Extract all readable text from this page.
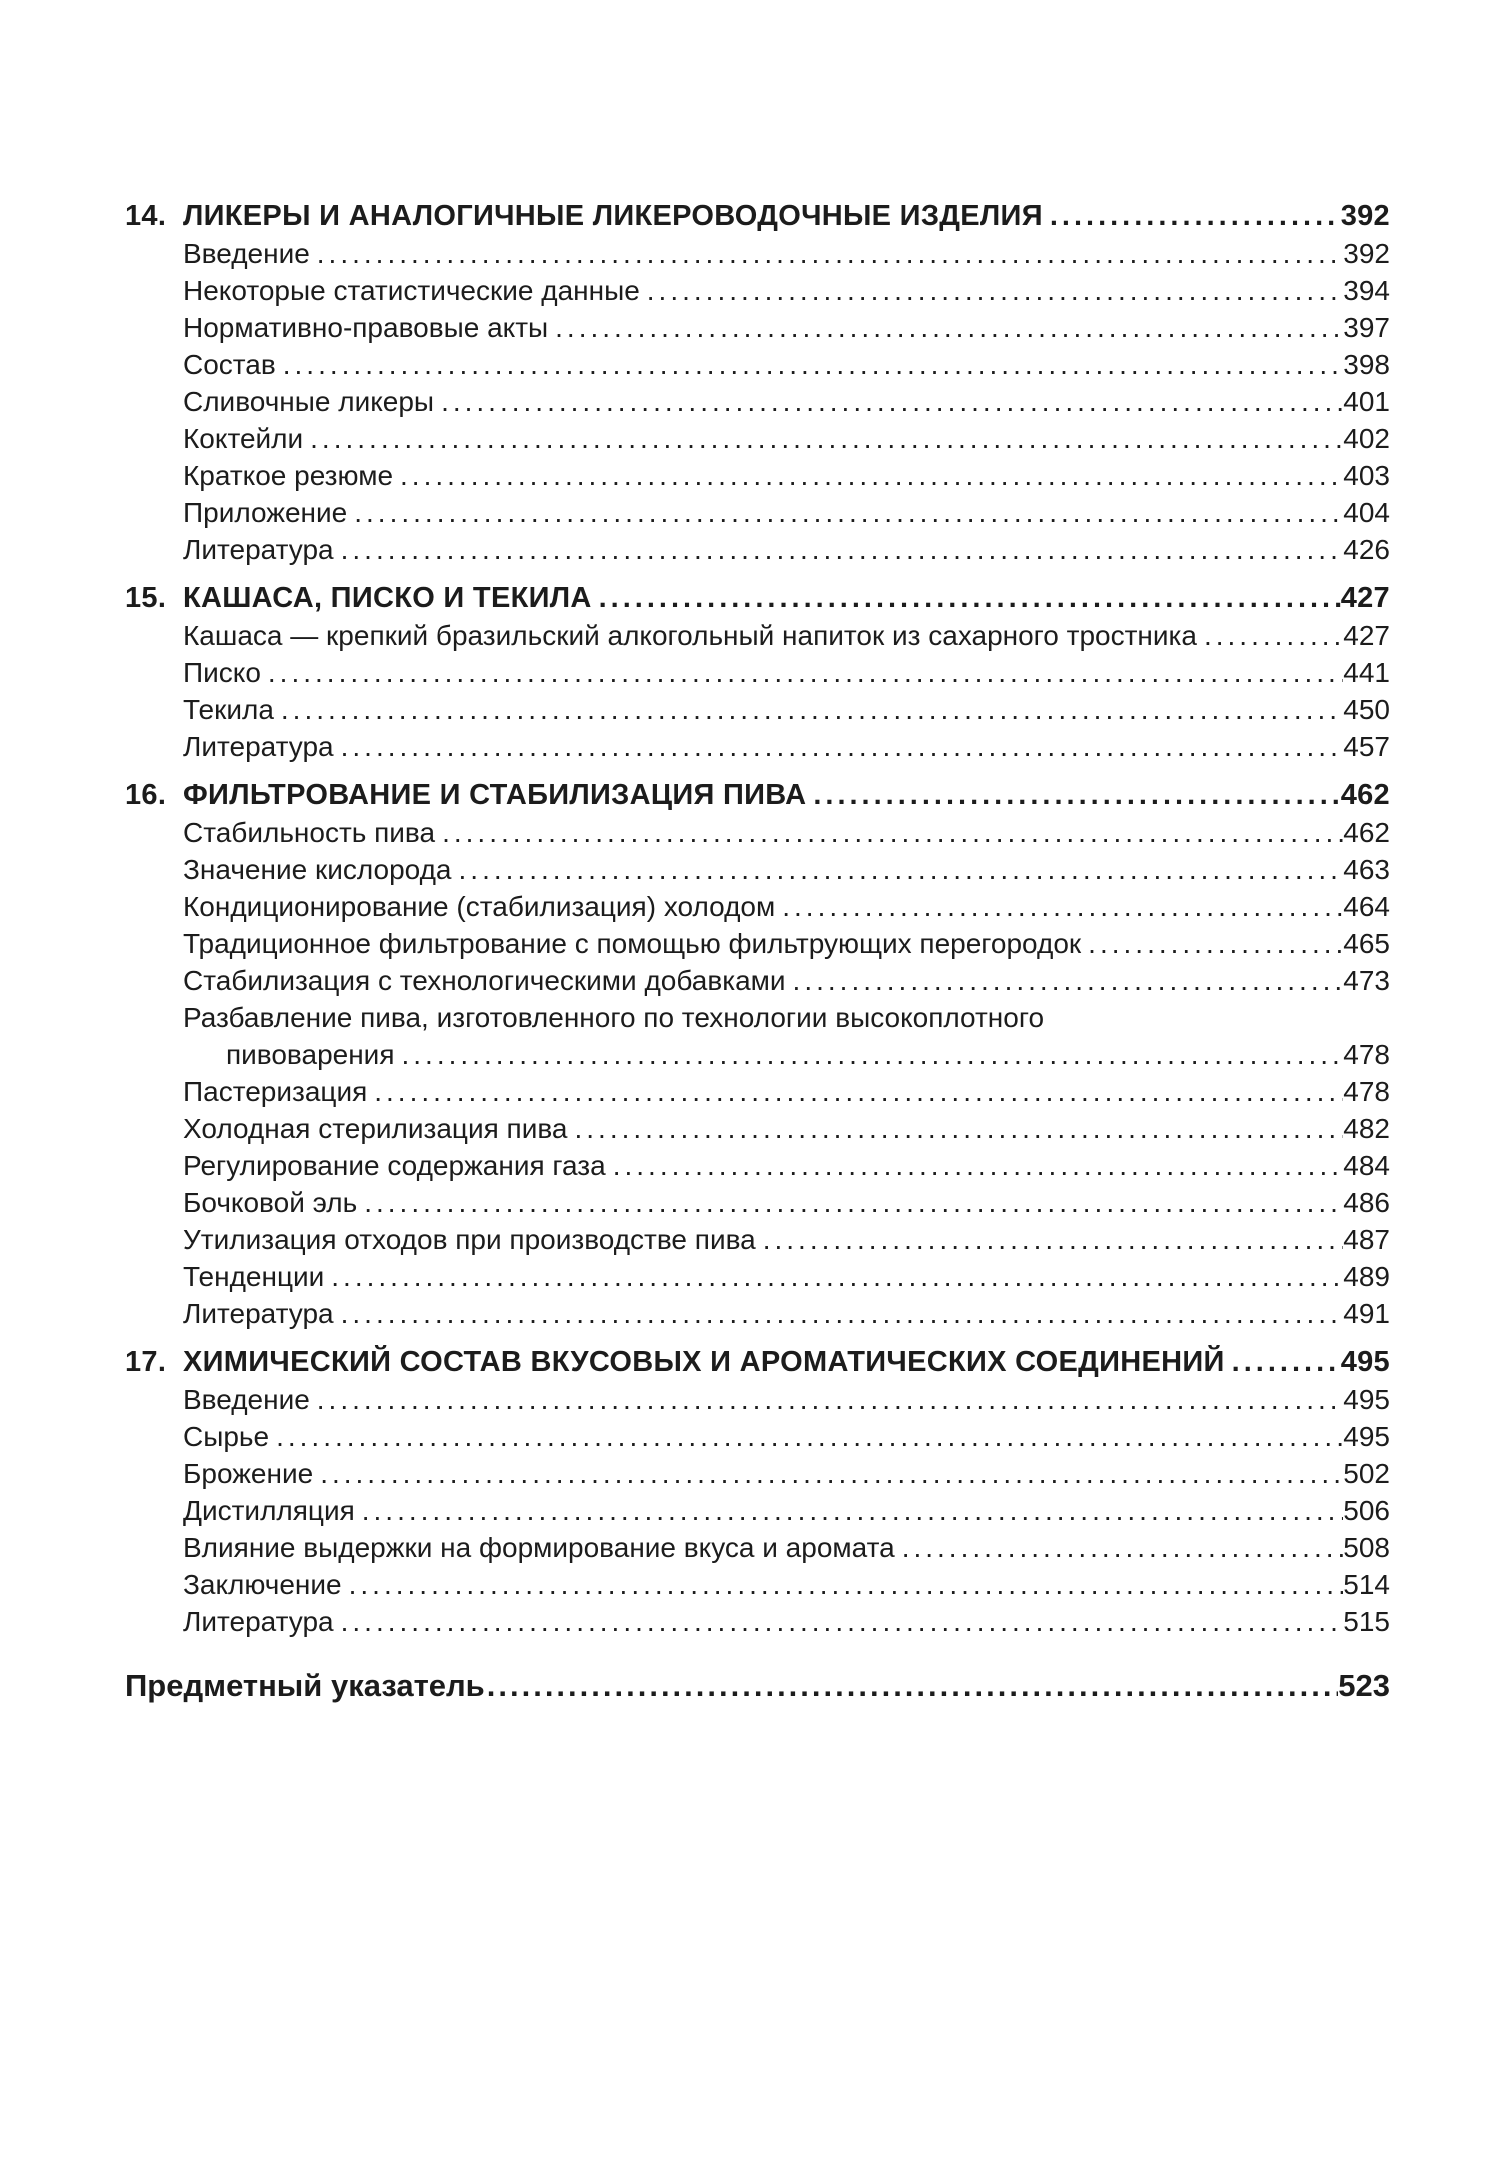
14. ЛИКЕРЫ И АНАЛОГИЧНЫЕ ЛИКЕРОВОДОЧНЫЕ ИЗДЕЛИЯ .....	392
Введение .....	392
Некоторые статистические данные .....	394
Нормативно-правовые акты .....	397
Состав .....	398
Сливочные ликеры .....	401
Коктейли .....	402
Краткое резюме .....	403
Приложение .....	404
Литература .....	426
15. КАШАСА, ПИСКО И ТЕКИЛА .....	427
Кашаса — крепкий бразильский алкогольный напиток из сахарного тростника .....	427
Писко .....	441
Текила .....	450
Литература .....	457
16. ФИЛЬТРОВАНИЕ И СТАБИЛИЗАЦИЯ ПИВА .....	462
Стабильность пива .....	462
Значение кислорода .....	463
Кондиционирование (стабилизация) холодом .....	464
Традиционное фильтрование с помощью фильтрующих перегородок .....	465
Стабилизация с технологическими добавками .....	473
Разбавление пива, изготовленного по технологии высокоплотного
пивоварения .....	478
Пастеризация .....	478
Холодная стерилизация пива .....	482
Регулирование содержания газа .....	484
Бочковой эль .....	486
Утилизация отходов при производстве пива .....	487
Тенденции .....	489
Литература .....	491
17. ХИМИЧЕСКИЙ СОСТАВ ВКУСОВЫХ И АРОМАТИЧЕСКИХ СОЕДИНЕНИЙ .....	495
Введение .....	495
Сырье .....	495
Брожение .....	502
Дистилляция .....	506
Влияние выдержки на формирование вкуса и аромата .....	508
Заключение .....	514
Литература .....	515
Предметный указатель .....	523
